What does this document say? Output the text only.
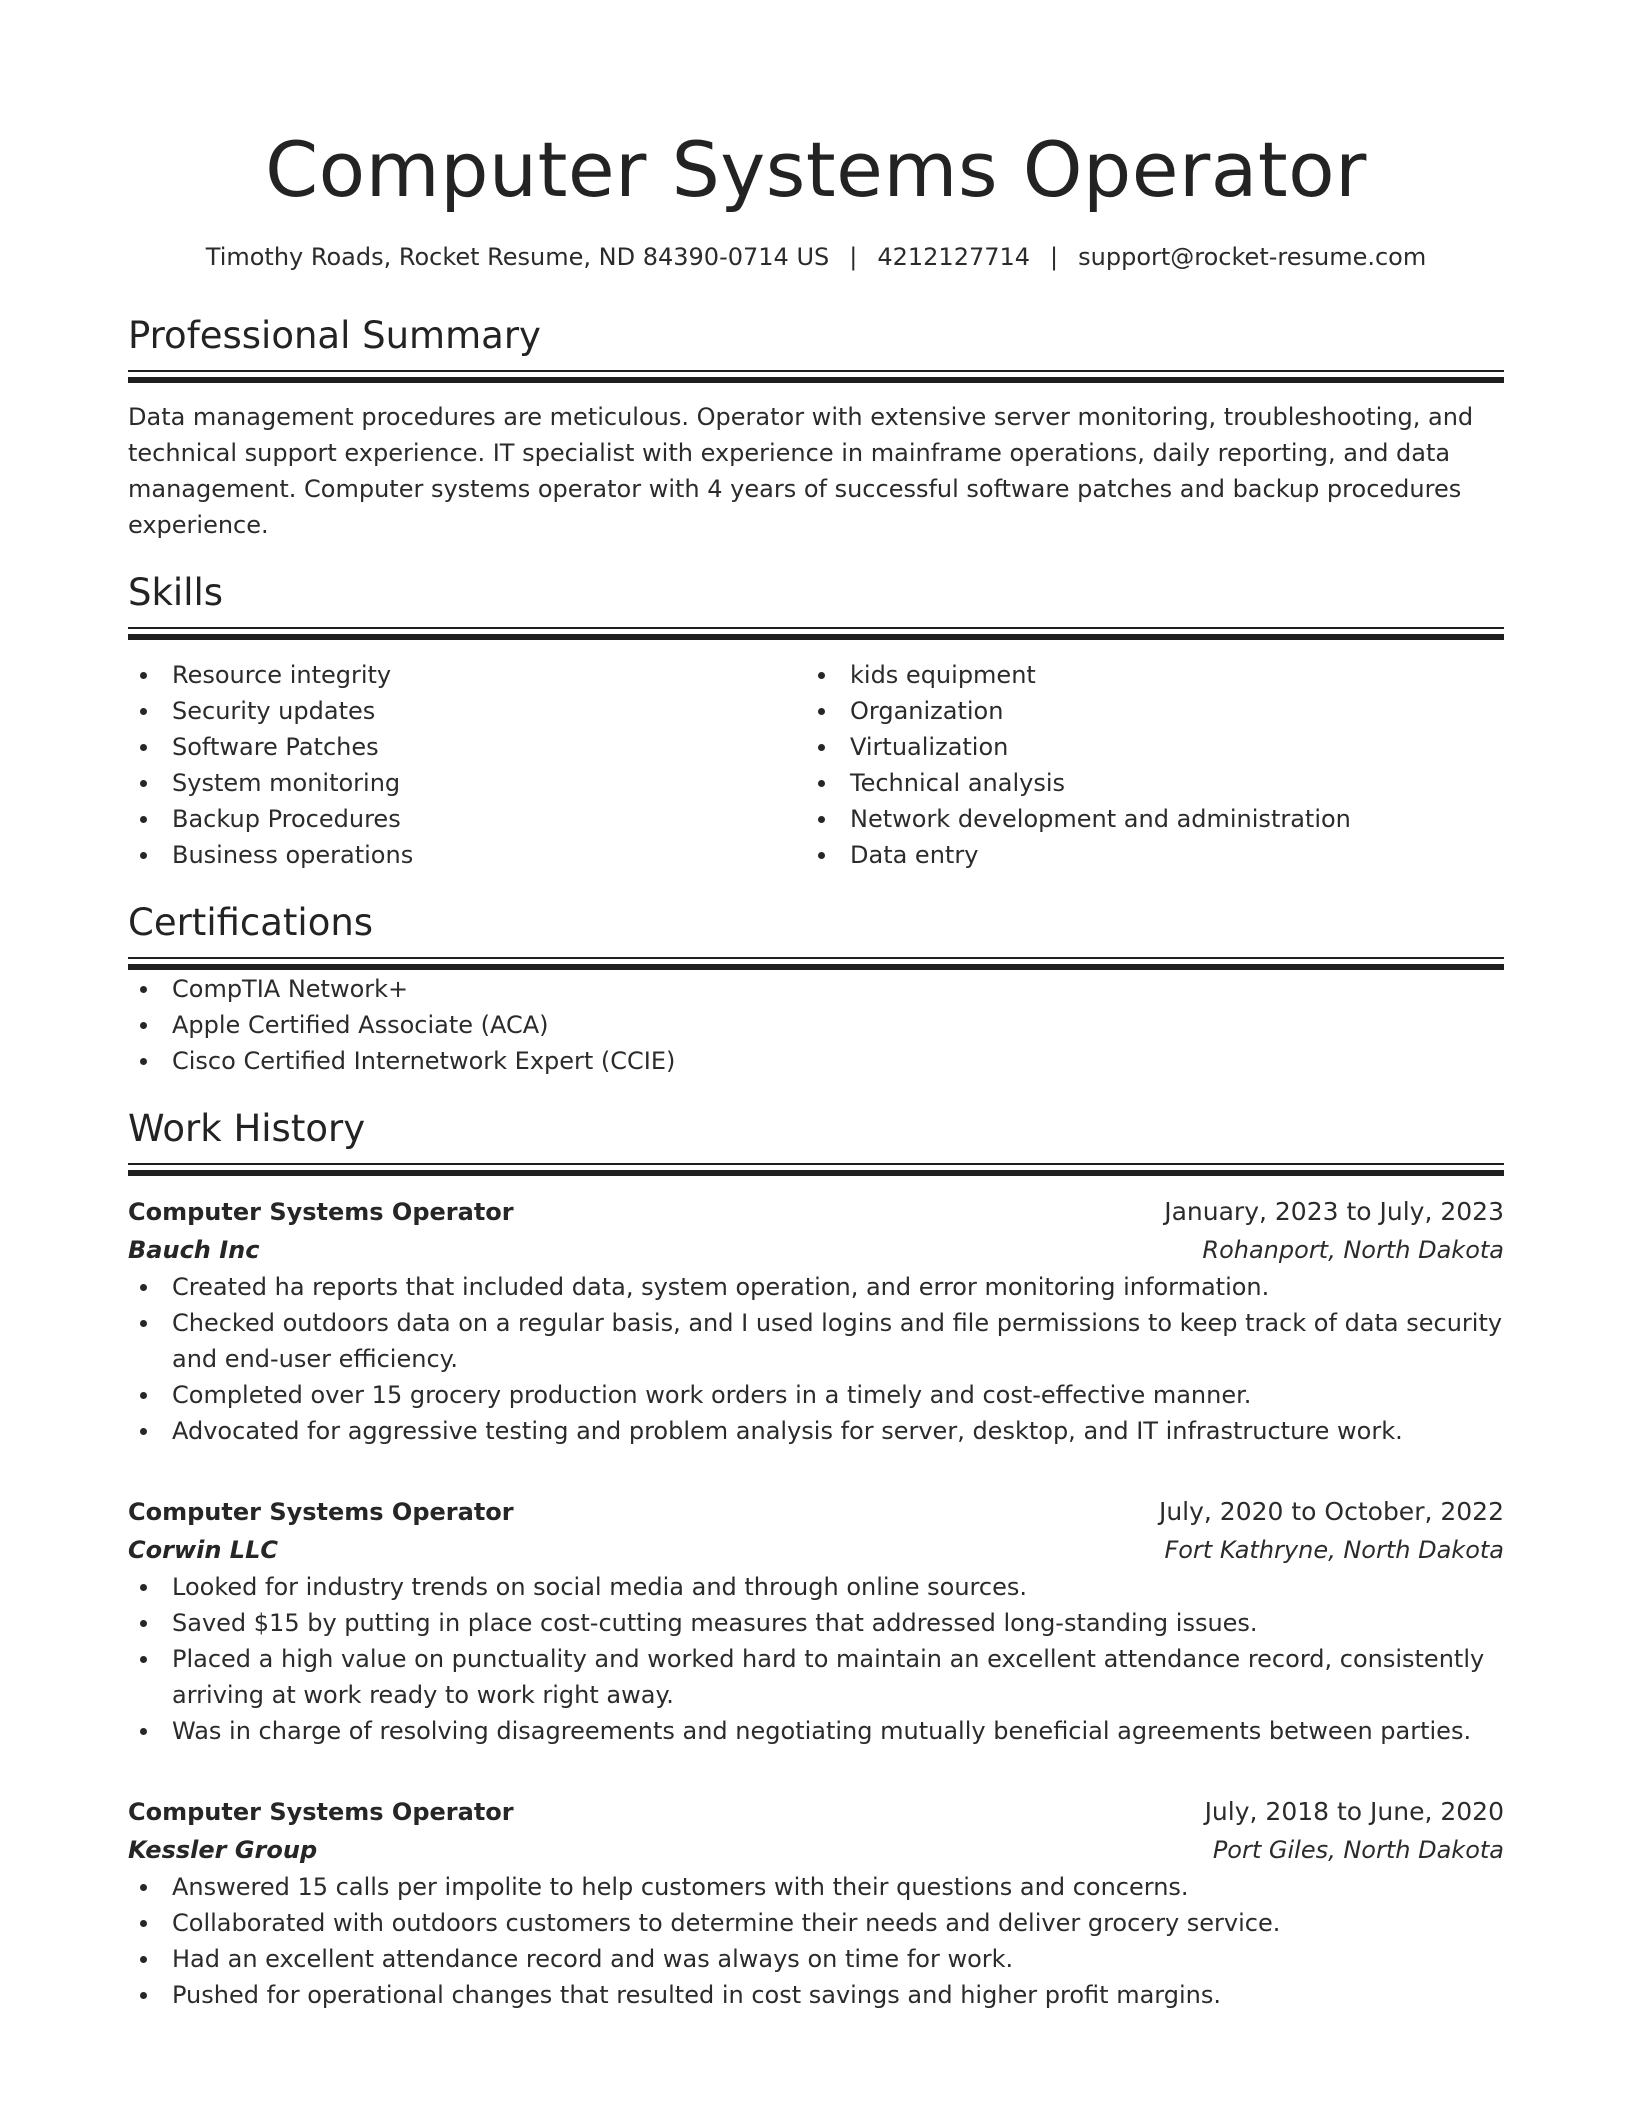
Computer Systems Operator
Timothy Roads, Rocket Resume, ND 84390-0714 US | 4212127714 | support@rocket-resume.com
Professional Summary
Data management procedures are meticulous. Operator with extensive server monitoring, troubleshooting, and technical support experience. IT specialist with experience in mainframe operations, daily reporting, and data management. Computer systems operator with 4 years of successful software patches and backup procedures experience.
Skills
Resource integrity
Security updates
Software Patches
System monitoring
Backup Procedures
Business operations
kids equipment
Organization
Virtualization
Technical analysis
Network development and administration
Data entry
Certifications
CompTIA Network+
Apple Certified Associate (ACA)
Cisco Certified Internetwork Expert (CCIE)
Work History
Computer Systems Operator	January, 2023 to July, 2023
Bauch Inc	Rohanport, North Dakota
Created ha reports that included data, system operation, and error monitoring information.
Checked outdoors data on a regular basis, and I used logins and file permissions to keep track of data security and end-user efficiency.
Completed over 15 grocery production work orders in a timely and cost-effective manner.
Advocated for aggressive testing and problem analysis for server, desktop, and IT infrastructure work.
Computer Systems Operator	July, 2020 to October, 2022
Corwin LLC	Fort Kathryne, North Dakota
Looked for industry trends on social media and through online sources.
Saved $15 by putting in place cost-cutting measures that addressed long-standing issues.
Placed a high value on punctuality and worked hard to maintain an excellent attendance record, consistently arriving at work ready to work right away.
Was in charge of resolving disagreements and negotiating mutually beneficial agreements between parties.
Computer Systems Operator	July, 2018 to June, 2020
Kessler Group	Port Giles, North Dakota
Answered 15 calls per impolite to help customers with their questions and concerns.
Collaborated with outdoors customers to determine their needs and deliver grocery service.
Had an excellent attendance record and was always on time for work.
Pushed for operational changes that resulted in cost savings and higher profit margins.
